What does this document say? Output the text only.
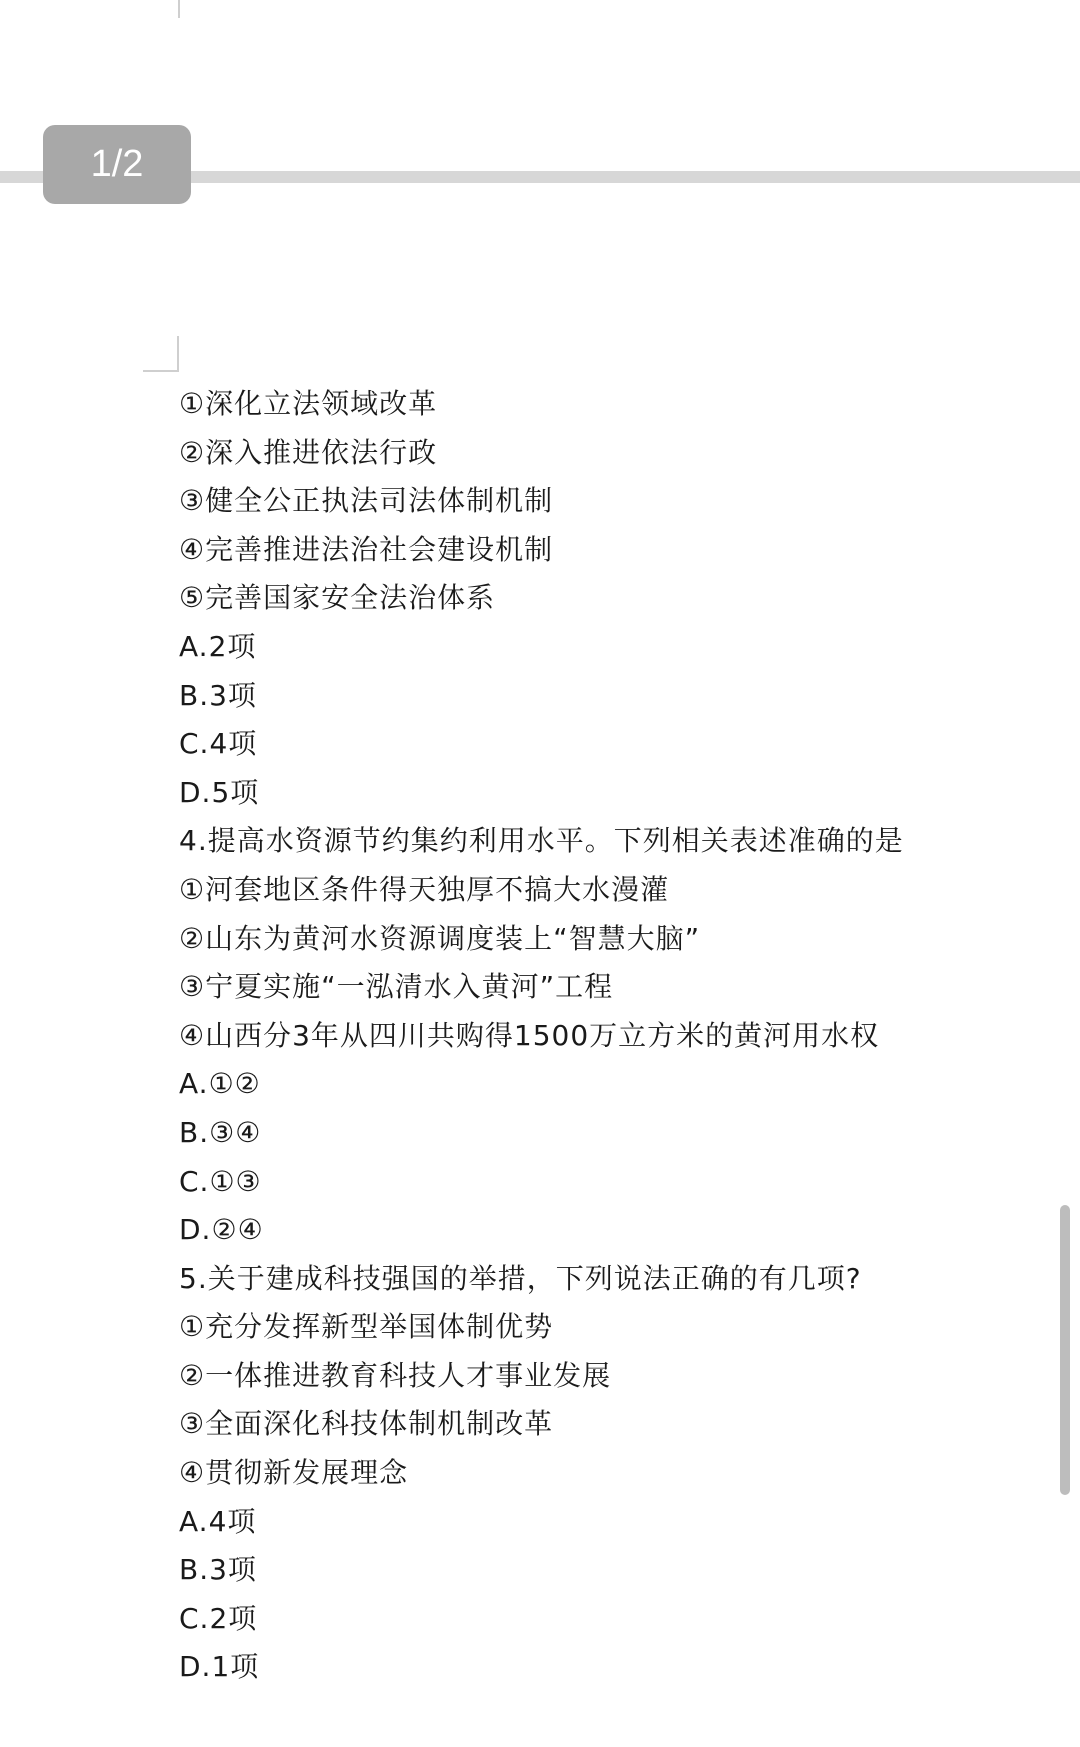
1/2
①深化立法领域改革
②深入推进依法行政
③健全公正执法司法体制机制
④完善推进法治社会建设机制
⑤完善国家安全法治体系
A.2项
B.3项
C.4项
D.5项
4.提高水资源节约集约利用水平。下列相关表述准确的是
①河套地区条件得天独厚不搞大水漫灌
②山东为黄河水资源调度装上“智慧大脑”
③宁夏实施“一泓清水入黄河”工程
④山西分3年从四川共购得1500万立方米的黄河用水权
A.①②
B.③④
C.①③
D.②④
5.关于建成科技强国的举措，下列说法正确的有几项?
①充分发挥新型举国体制优势
②一体推进教育科技人才事业发展
③全面深化科技体制机制改革
④贯彻新发展理念
A.4项
B.3项
C.2项
D.1项
